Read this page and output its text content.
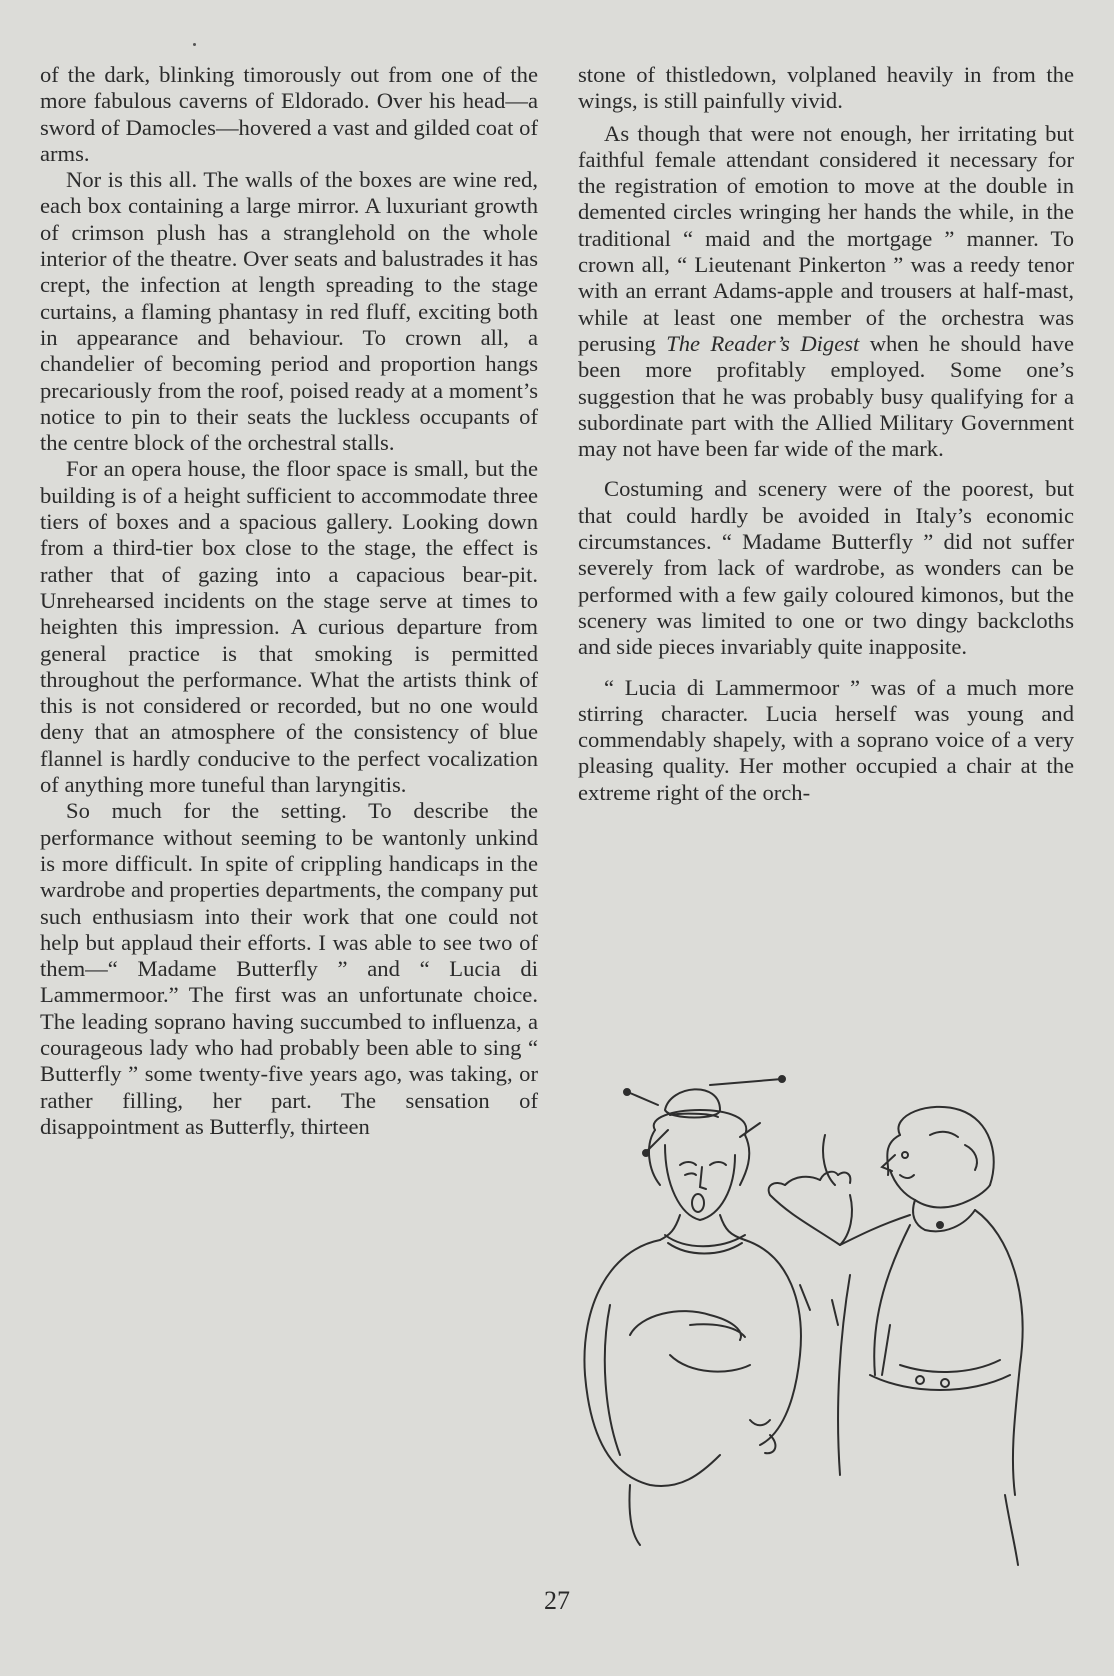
of the dark, blinking timorously out from one of the more fabulous caverns of Eldorado. Over his head—a sword of Damocles—hovered a vast and gilded coat of arms.

Nor is this all. The walls of the boxes are wine red, each box containing a large mirror. A luxuriant growth of crimson plush has a stranglehold on the whole interior of the theatre. Over seats and balustrades it has crept, the infection at length spreading to the stage curtains, a flaming phantasy in red fluff, exciting both in appearance and behaviour. To crown all, a chandelier of becoming period and proportion hangs precariously from the roof, poised ready at a moment’s notice to pin to their seats the luckless occupants of the centre block of the orchestral stalls.

For an opera house, the floor space is small, but the building is of a height sufficient to accommodate three tiers of boxes and a spacious gallery. Looking down from a third-tier box close to the stage, the effect is rather that of gazing into a capacious bear-pit. Unrehearsed incidents on the stage serve at times to heighten this impression. A curious departure from general practice is that smoking is permitted throughout the performance. What the artists think of this is not considered or recorded, but no one would deny that an atmosphere of the consistency of blue flannel is hardly conducive to the perfect vocalization of anything more tuneful than laryngitis.

So much for the setting. To describe the performance without seeming to be wantonly unkind is more difficult. In spite of crippling handicaps in the wardrobe and properties departments, the company put such enthusiasm into their work that one could not help but applaud their efforts. I was able to see two of them—“ Madame Butterfly ” and “ Lucia di Lammermoor.” The first was an unfortunate choice. The leading soprano having succumbed to influenza, a courageous lady who had probably been able to sing “ Butterfly ” some twenty-five years ago, was taking, or rather filling, her part. The sensation of disappointment as Butterfly, thirteen

stone of thistledown, volplaned heavily in from the wings, is still painfully vivid.

As though that were not enough, her irritating but faithful female attendant considered it necessary for the registration of emotion to move at the double in demented circles wringing her hands the while, in the traditional “ maid and the mortgage ” manner. To crown all, “ Lieutenant Pinkerton ” was a reedy tenor with an errant Adams-apple and trousers at half-mast, while at least one member of the orchestra was perusing The Reader’s Digest when he should have been more profitably employed. Some one’s suggestion that he was probably busy qualifying for a subordinate part with the Allied Military Government may not have been far wide of the mark.

Costuming and scenery were of the poorest, but that could hardly be avoided in Italy’s economic circumstances. “ Madame Butterfly ” did not suffer severely from lack of wardrobe, as wonders can be performed with a few gaily coloured kimonos, but the scenery was limited to one or two dingy backcloths and side pieces invariably quite inapposite.

“ Lucia di Lammermoor ” was of a much more stirring character. Lucia herself was young and commendably shapely, with a soprano voice of a very pleasing quality. Her mother occupied a chair at the extreme right of the orch-

27
